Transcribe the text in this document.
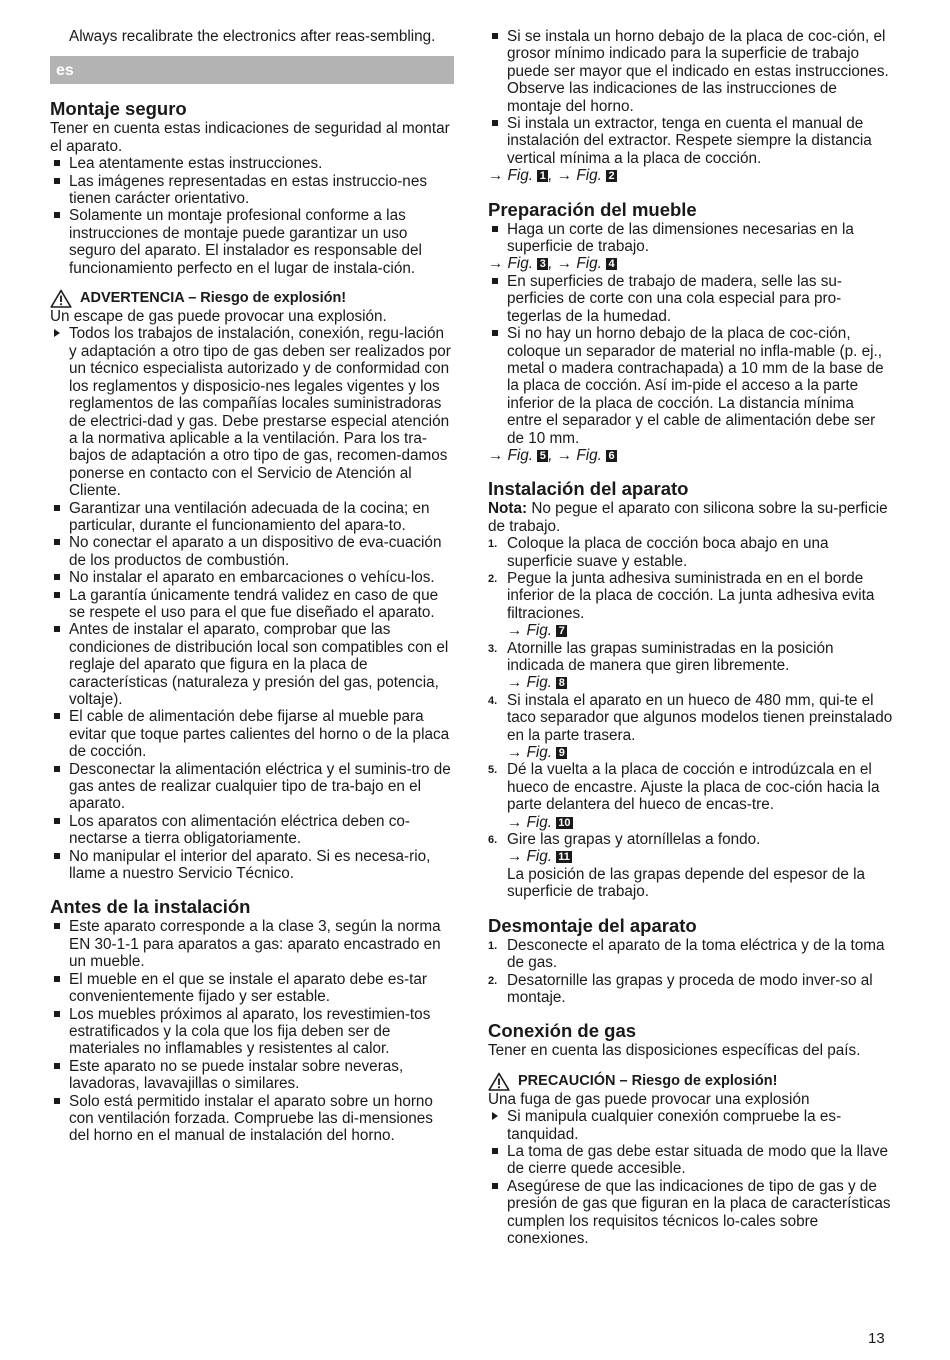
Always recalibrate the electronics after reas-sembling.

es
Montaje seguro

Tener en cuenta estas indicaciones de seguridad al montar el aparato.

Lea atentamente estas instrucciones.
Las imágenes representadas en estas instruccio-nes tienen carácter orientativo.
Solamente un montaje profesional conforme a las instrucciones de montaje puede garantizar un uso seguro del aparato. El instalador es responsable del funcionamiento perfecto en el lugar de instala-ción.
ADVERTENCIA – Riesgo de explosión!

Un escape de gas puede provocar una explosión.

Todos los trabajos de instalación, conexión, regu-lación y adaptación a otro tipo de gas deben ser realizados por un técnico especialista autorizado y de conformidad con los reglamentos y disposicio-nes legales vigentes y los reglamentos de las compañías locales suministradoras de electrici-dad y gas. Debe prestarse especial atención a la normativa aplicable a la ventilación. Para los tra-bajos de adaptación a otro tipo de gas, recomen-damos ponerse en contacto con el Servicio de Atención al Cliente.
Garantizar una ventilación adecuada de la cocina; en particular, durante el funcionamiento del apara-to.
No conectar el aparato a un dispositivo de eva-cuación de los productos de combustión.
No instalar el aparato en embarcaciones o vehícu-los.
La garantía únicamente tendrá validez en caso de que se respete el uso para el que fue diseñado el aparato.
Antes de instalar el aparato, comprobar que las condiciones de distribución local son compatibles con el reglaje del aparato que figura en la placa de características (naturaleza y presión del gas, potencia, voltaje).
El cable de alimentación debe fijarse al mueble para evitar que toque partes calientes del horno o de la placa de cocción.
Desconectar la alimentación eléctrica y el suminis-tro de gas antes de realizar cualquier tipo de tra-bajo en el aparato.
Los aparatos con alimentación eléctrica deben co-nectarse a tierra obligatoriamente.
No manipular el interior del aparato. Si es necesa-rio, llame a nuestro Servicio Técnico.
Antes de la instalación
Este aparato corresponde a la clase 3, según la norma EN 30-1-1 para aparatos a gas: aparato encastrado en un mueble.
El mueble en el que se instale el aparato debe es-tar convenientemente fijado y ser estable.
Los muebles próximos al aparato, los revestimien-tos estratificados y la cola que los fija deben ser de materiales no inflamables y resistentes al calor.
Este aparato no se puede instalar sobre neveras, lavadoras, lavavajillas o similares.
Solo está permitido instalar el aparato sobre un horno con ventilación forzada. Compruebe las di-mensiones del horno en el manual de instalación del horno.
Si se instala un horno debajo de la placa de coc-ción, el grosor mínimo indicado para la superficie de trabajo puede ser mayor que el indicado en estas instrucciones. Observe las indicaciones de las instrucciones de montaje del horno.
Si instala un extractor, tenga en cuenta el manual de instalación del extractor. Respete siempre la distancia vertical mínima a la placa de cocción.

→ Fig. 1 , → Fig. 2

Preparación del mueble
Haga un corte de las dimensiones necesarias en la superficie de trabajo.

→ Fig. 3 , → Fig. 4

En superficies de trabajo de madera, selle las su-perficies de corte con una cola especial para pro-tegerlas de la humedad.
Si no hay un horno debajo de la placa de coc-ción, coloque un separador de material no infla-mable (p. ej., metal o madera contrachapada) a 10 mm de la base de la placa de cocción. Así im-pide el acceso a la parte inferior de la placa de cocción. La distancia mínima entre el separador y el cable de alimentación debe ser de 10 mm.

→ Fig. 5 , → Fig. 6

Instalación del aparato

Nota: No pegue el aparato con silicona sobre la su-perficie de trabajo.

1. Coloque la placa de cocción boca abajo en una superficie suave y estable.
2. Pegue la junta adhesiva suministrada en en el borde inferior de la placa de cocción. La junta adhesiva evita filtraciones.
→ Fig. 7
3. Atornille las grapas suministradas en la posición indicada de manera que giren libremente.
→ Fig. 8
4. Si instala el aparato en un hueco de 480 mm, qui-te el taco separador que algunos modelos tienen preinstalado en la parte trasera.
→ Fig. 9
5. Dé la vuelta a la placa de cocción e introdúzcala en el hueco de encastre. Ajuste la placa de coc-ción hacia la parte delantera del hueco de encas-tre.
→ Fig. 10
6. Gire las grapas y atorníllelas a fondo.
→ Fig. 11
La posición de las grapas depende del espesor de la superficie de trabajo.
Desmontaje del aparato
1. Desconecte el aparato de la toma eléctrica y de la toma de gas.
2. Desatornille las grapas y proceda de modo inver-so al montaje.
Conexión de gas

Tener en cuenta las disposiciones específicas del país.

PRECAUCIÓN – Riesgo de explosión!

Una fuga de gas puede provocar una explosión

Si manipula cualquier conexión compruebe la es-tanquidad.
La toma de gas debe estar situada de modo que la llave de cierre quede accesible.
Asegúrese de que las indicaciones de tipo de gas y de presión de gas que figuran en la placa de características cumplen los requisitos técnicos lo-cales sobre conexiones.
13
